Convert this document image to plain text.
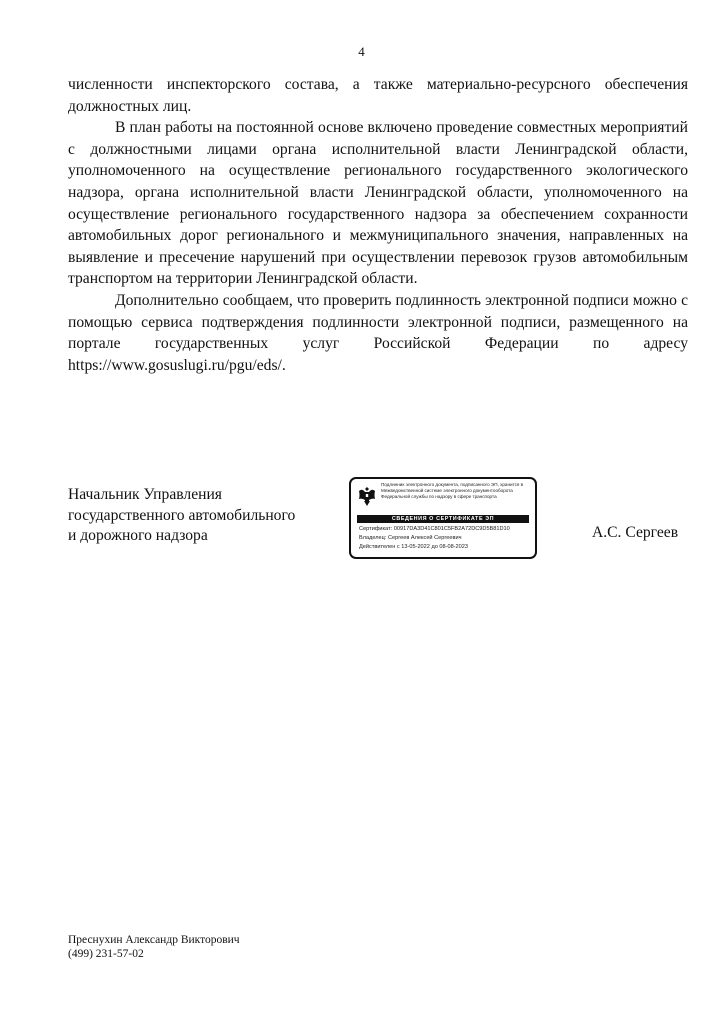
4

численности инспекторского состава, а также материально-ресурсного обеспечения должностных лиц.

В план работы на постоянной основе включено проведение совместных мероприятий с должностными лицами органа исполнительной власти Ленинградской области, уполномоченного на осуществление регионального государственного экологического надзора, органа исполнительной власти Ленинградской области, уполномоченного на осуществление регионального государственного надзора за обеспечением сохранности автомобильных дорог регионального и межмуниципального значения, направленных на выявление и пресечение нарушений при осуществлении перевозок грузов автомобильным транспортом на территории Ленинградской области.

Дополнительно сообщаем, что проверить подлинность электронной подписи можно с помощью сервиса подтверждения подлинности электронной подписи, размещенного на портале государственных услуг Российской Федерации по адресу https://www.gosuslugi.ru/pgu/eds/.

Начальник Управления
государственного автомобильного
и дорожного надзора
Подлинник электронного документа, подписанного ЭП, хранится в Межведомственной системе электронного документооборота Федеральной службы по надзору в сфере транспорта
СВЕДЕНИЯ О СЕРТИФИКАТЕ ЭП
Сертификат: 00917DA3D41C801C5FB2A72DC9D5B81D10
Владелец: Сергеев Алексей Сергеевич
Действителен с 13-05-2022 до 08-08-2023
А.С. Сергеев
Преснухин Александр Викторович
(499) 231-57-02
